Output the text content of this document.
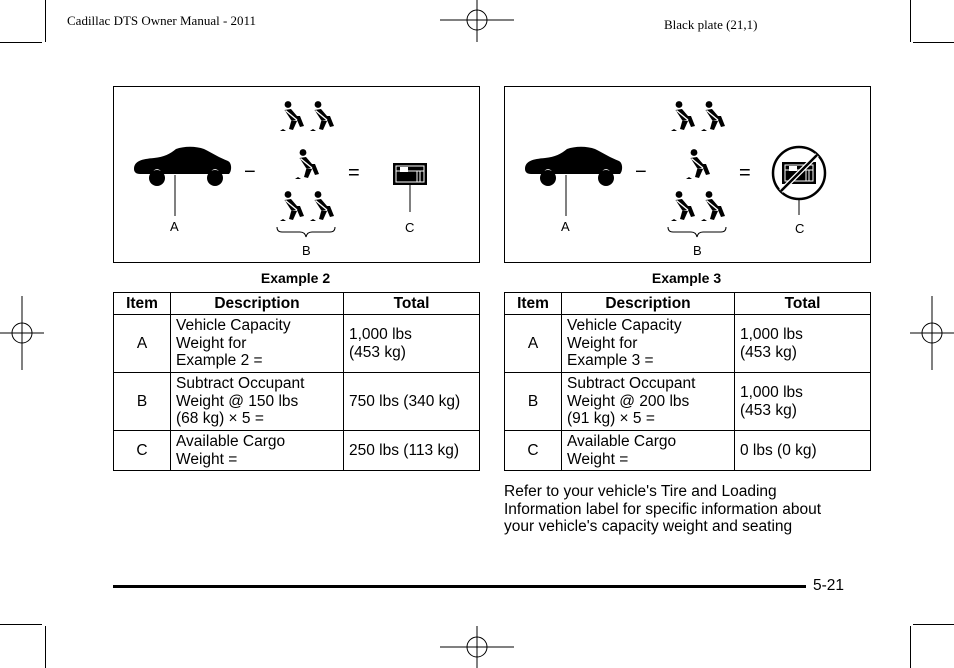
Cadillac DTS Owner Manual - 2011	Black plate (21,1)
A
−
B
=
C
Example 2
A
−
B
=
C
Example 3
Item	Description	Total
A	Vehicle Capacity
Weight for
Example 2 =	1,000 lbs
(453 kg)

B	Subtract Occupant
Weight @ 150 lbs
(68 kg) × 5 =	750 lbs (340 kg)

C	Available Cargo
Weight =	250 lbs (113 kg)
Item	Description	Total
A	Vehicle Capacity
Weight for
Example 3 =	1,000 lbs
(453 kg)

B	Subtract Occupant
Weight @ 200 lbs
(91 kg) × 5 =	1,000 lbs
(453 kg)

C	Available Cargo
Weight =	0 lbs (0 kg)
Refer to your vehicle's Tire and Loading
Information label for specific information about
your vehicle's capacity weight and seating
5-21
